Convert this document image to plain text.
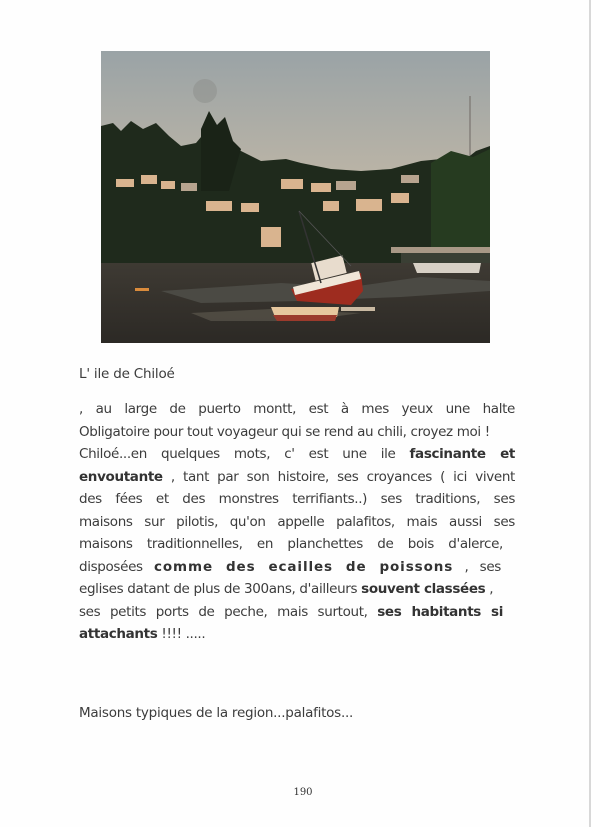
L' ile de Chiloé
, au large de puerto montt, est à mes yeux une halte
Obligatoire pour tout voyageur qui se rend au chili, croyez moi !
Chiloé...en quelques mots, c' est une ile fascinante et
envoutante , tant par son histoire, ses croyances ( ici vivent
des fées et des monstres terrifiants..) ses traditions, ses
maisons sur pilotis, qu'on appelle palafitos, mais aussi ses
maisons traditionnelles, en planchettes de bois d'alerce,
disposées comme des ecailles de poissons , ses
eglises datant de plus de 300ans, d'ailleurs souvent classées ,
ses petits ports de peche, mais surtout, ses habitants si
attachants !!!! .....
Maisons typiques de la region...palafitos...
190
